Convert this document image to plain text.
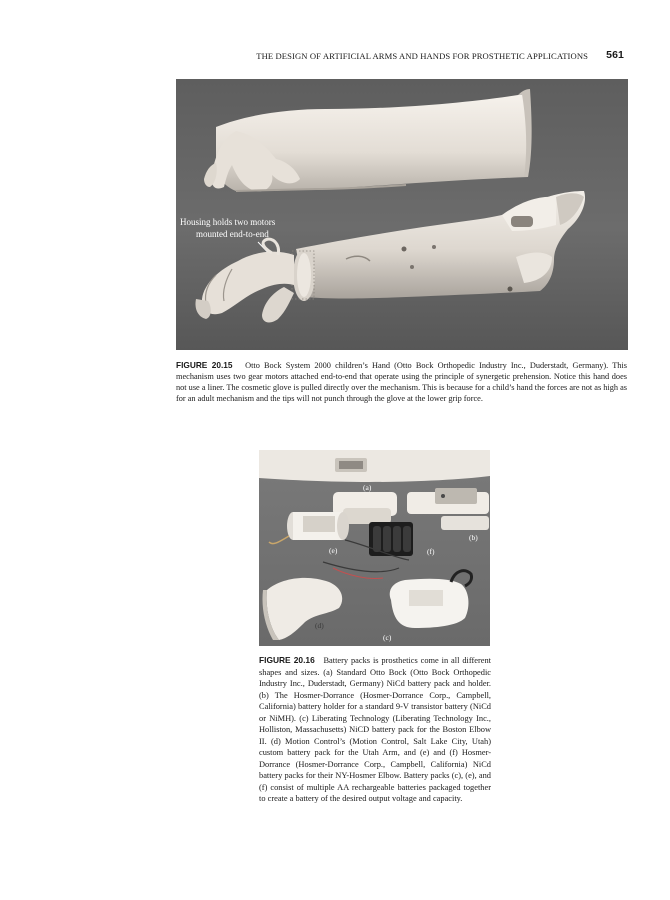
THE DESIGN OF ARTIFICIAL ARMS AND HANDS FOR PROSTHETIC APPLICATIONS 561
Housing holds two motors
mounted end-to-end
FIGURE 20.15 Otto Bock System 2000 children’s Hand (Otto Bock Orthopedic Industry Inc., Duderstadt, Germany). This mechanism uses two gear motors attached end-to-end that operate using the principle of synergetic prehension. Notice this hand does not use a liner. The cosmetic glove is pulled directly over the mechanism. This is because for a child’s hand the forces are not as high as for an adult mechanism and the tips will not punch through the glove at the lower grip force.
(a)
(b)
(e)	(f)
(d)
(c)
FIGURE 20.16 Battery packs is prosthetics come in all different shapes and sizes. (a) Standard Otto Bock (Otto Bock Orthopedic Industry Inc., Duderstadt, Germany) NiCd battery pack and holder. (b) The Hosmer-Dorrance (Hosmer-Dorrance Corp., Campbell, California) battery holder for a standard 9-V transistor battery (NiCd or NiMH). (c) Liberating Technology (Liberating Technology Inc., Holliston, Massachusetts) NiCD battery pack for the Boston Elbow II. (d) Motion Control’s (Motion Control, Salt Lake City, Utah) custom battery pack for the Utah Arm, and (e) and (f) Hosmer-Dorrance (Hosmer-Dorrance Corp., Campbell, California) NiCd battery packs for their NY-Hosmer Elbow. Battery packs (c), (e), and (f) consist of multiple AA rechargeable batteries packaged together to create a battery of the desired output voltage and capacity.
